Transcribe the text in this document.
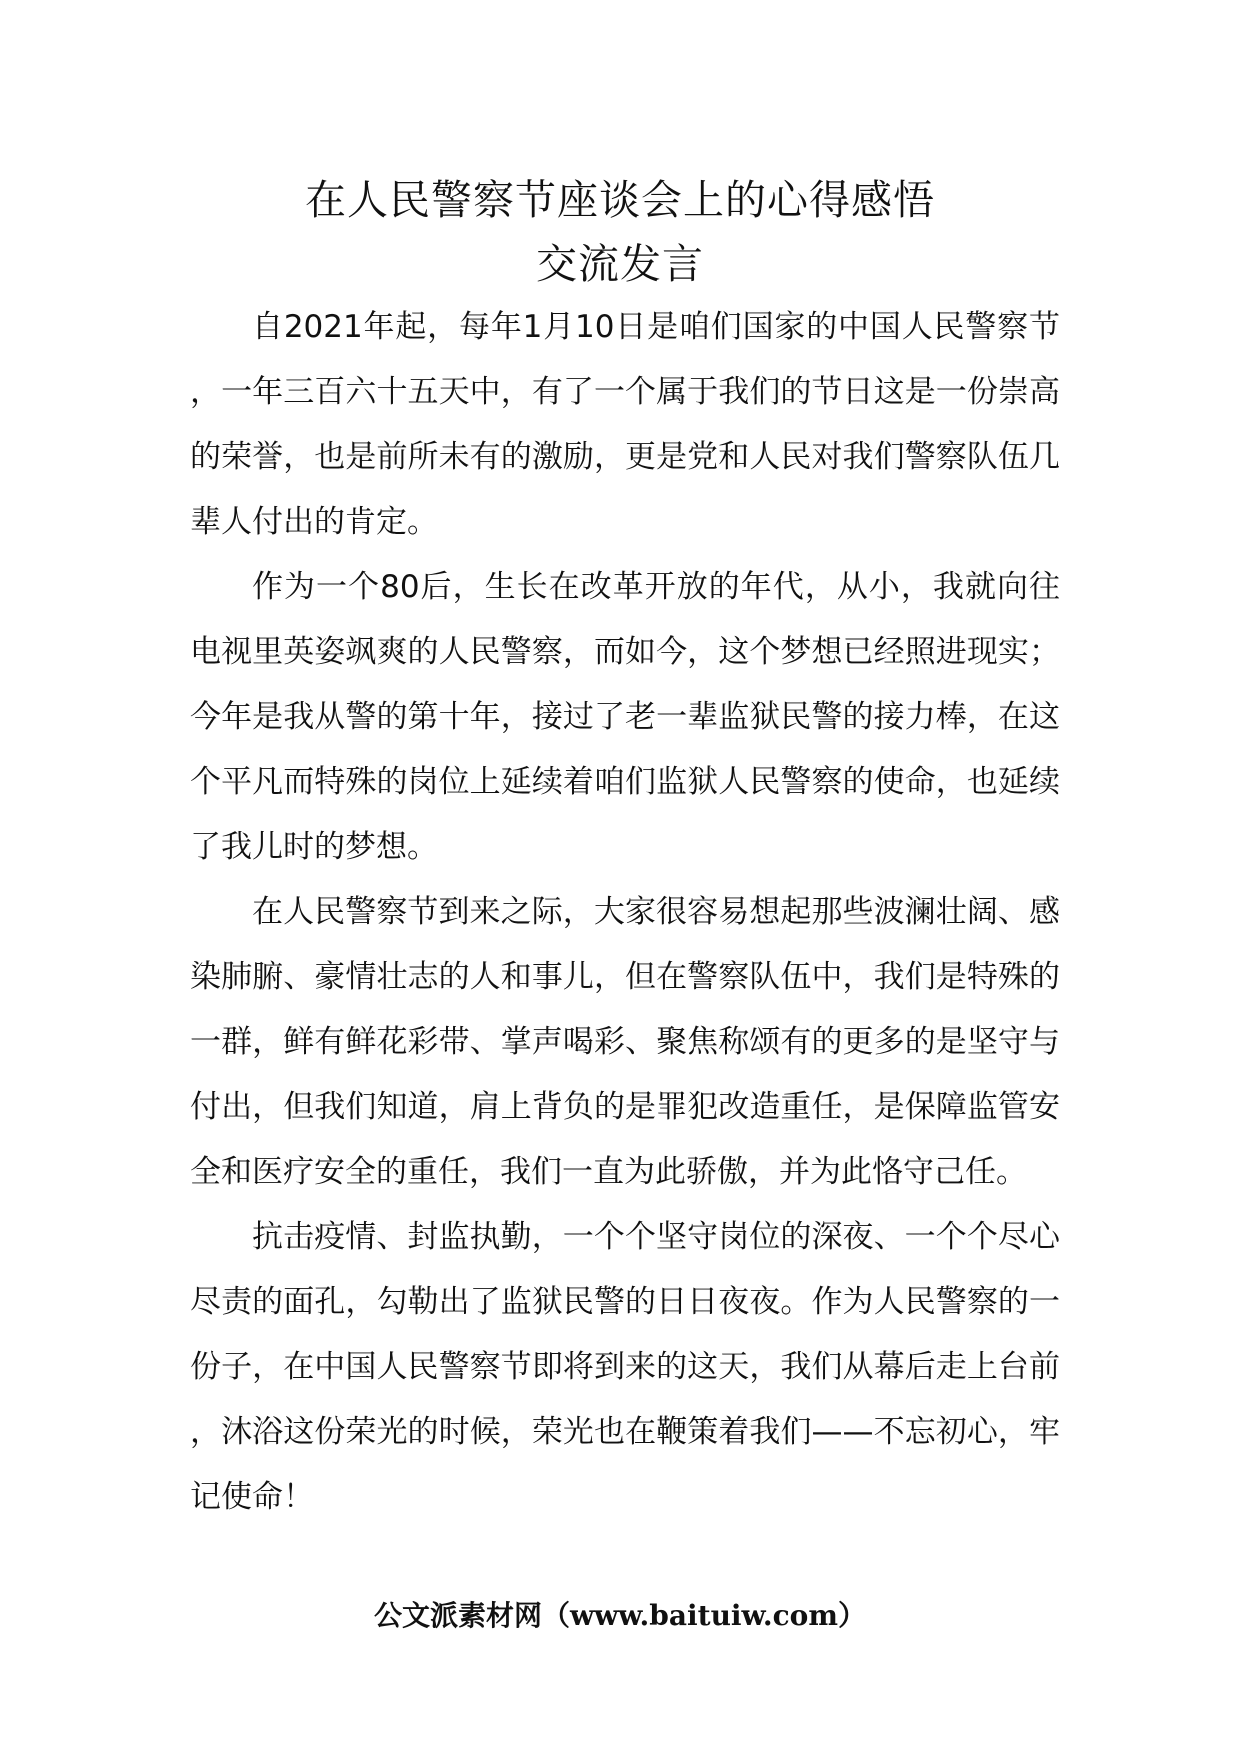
在人民警察节座谈会上的心得感悟
交流发言

自2021年起，每年1月10日是咱们国家的中国人民警察节，一年三百六十五天中，有了一个属于我们的节日这是一份崇高的荣誉，也是前所未有的激励，更是党和人民对我们警察队伍几辈人付出的肯定。

作为一个80后，生长在改革开放的年代，从小，我就向往电视里英姿飒爽的人民警察，而如今，这个梦想已经照进现实；今年是我从警的第十年，接过了老一辈监狱民警的接力棒，在这个平凡而特殊的岗位上延续着咱们监狱人民警察的使命，也延续了我儿时的梦想。

在人民警察节到来之际，大家很容易想起那些波澜壮阔、感染肺腑、豪情壮志的人和事儿，但在警察队伍中，我们是特殊的一群，鲜有鲜花彩带、掌声喝彩、聚焦称颂有的更多的是坚守与付出，但我们知道，肩上背负的是罪犯改造重任，是保障监管安全和医疗安全的重任，我们一直为此骄傲，并为此恪守己任。

抗击疫情、封监执勤，一个个坚守岗位的深夜、一个个尽心尽责的面孔，勾勒出了监狱民警的日日夜夜。作为人民警察的一份子，在中国人民警察节即将到来的这天，我们从幕后走上台前，沐浴这份荣光的时候，荣光也在鞭策着我们——不忘初心，牢记使命！

公文派素材网（www.baituiw.com）
